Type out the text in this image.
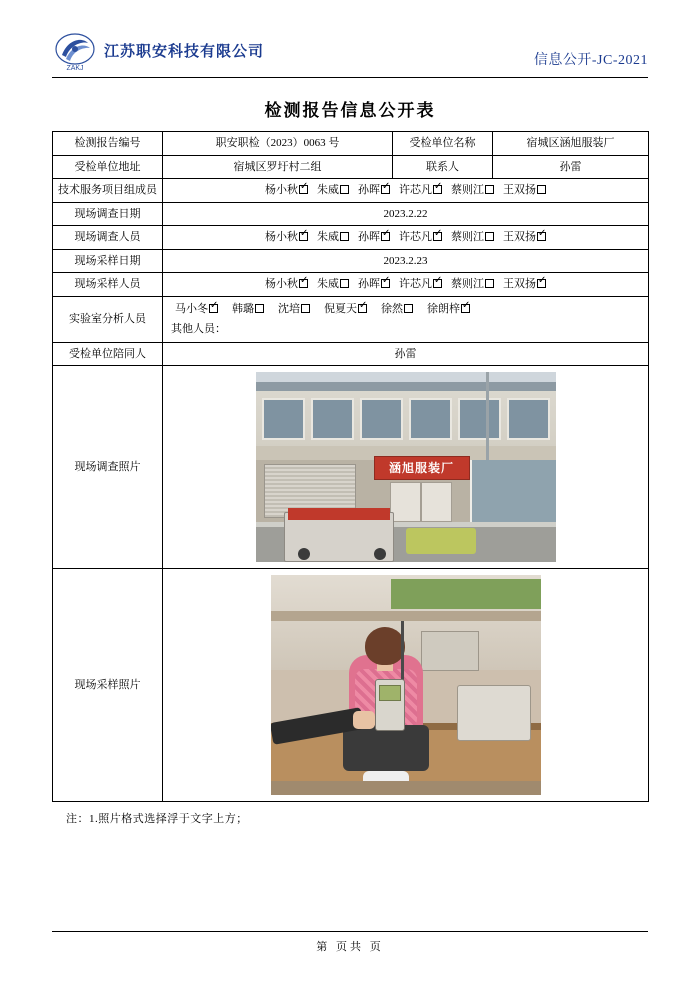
ZAKJ
江苏职安科技有限公司
信息公开-JC-2021
检测报告信息公开表
检测报告编号	职安职检（2023）0063 号	受检单位名称	宿城区涵旭服装厂
受检单位地址	宿城区罗圩村二组	联系人	孙雷
技术服务项目组成员	杨小秋 ✓	朱威	孙晖 ✓	许芯凡 ✓	蔡则江	王双扬

现场调查日期	2023.2.22		
现场调查人员	杨小秋 ✓	朱威	孙晖 ✓	许芯凡 ✓	蔡则江	王双扬✓

现场采样日期	2023.2.23		
现场采样人员	杨小秋 ✓	朱威	孙晖 ✓	许芯凡 ✓	蔡则江	王双扬✓

实验室分析人员	
马小冬 ✓	韩璐	沈培	倪夏天 ✓	徐然	徐朗梓✓
其他人员：

受检单位陪同人	孙雷		
现场调查照片	涵旭服装厂		

现场采样照片			
注：1.照片格式选择浮于文字上方；
第 页共 页
